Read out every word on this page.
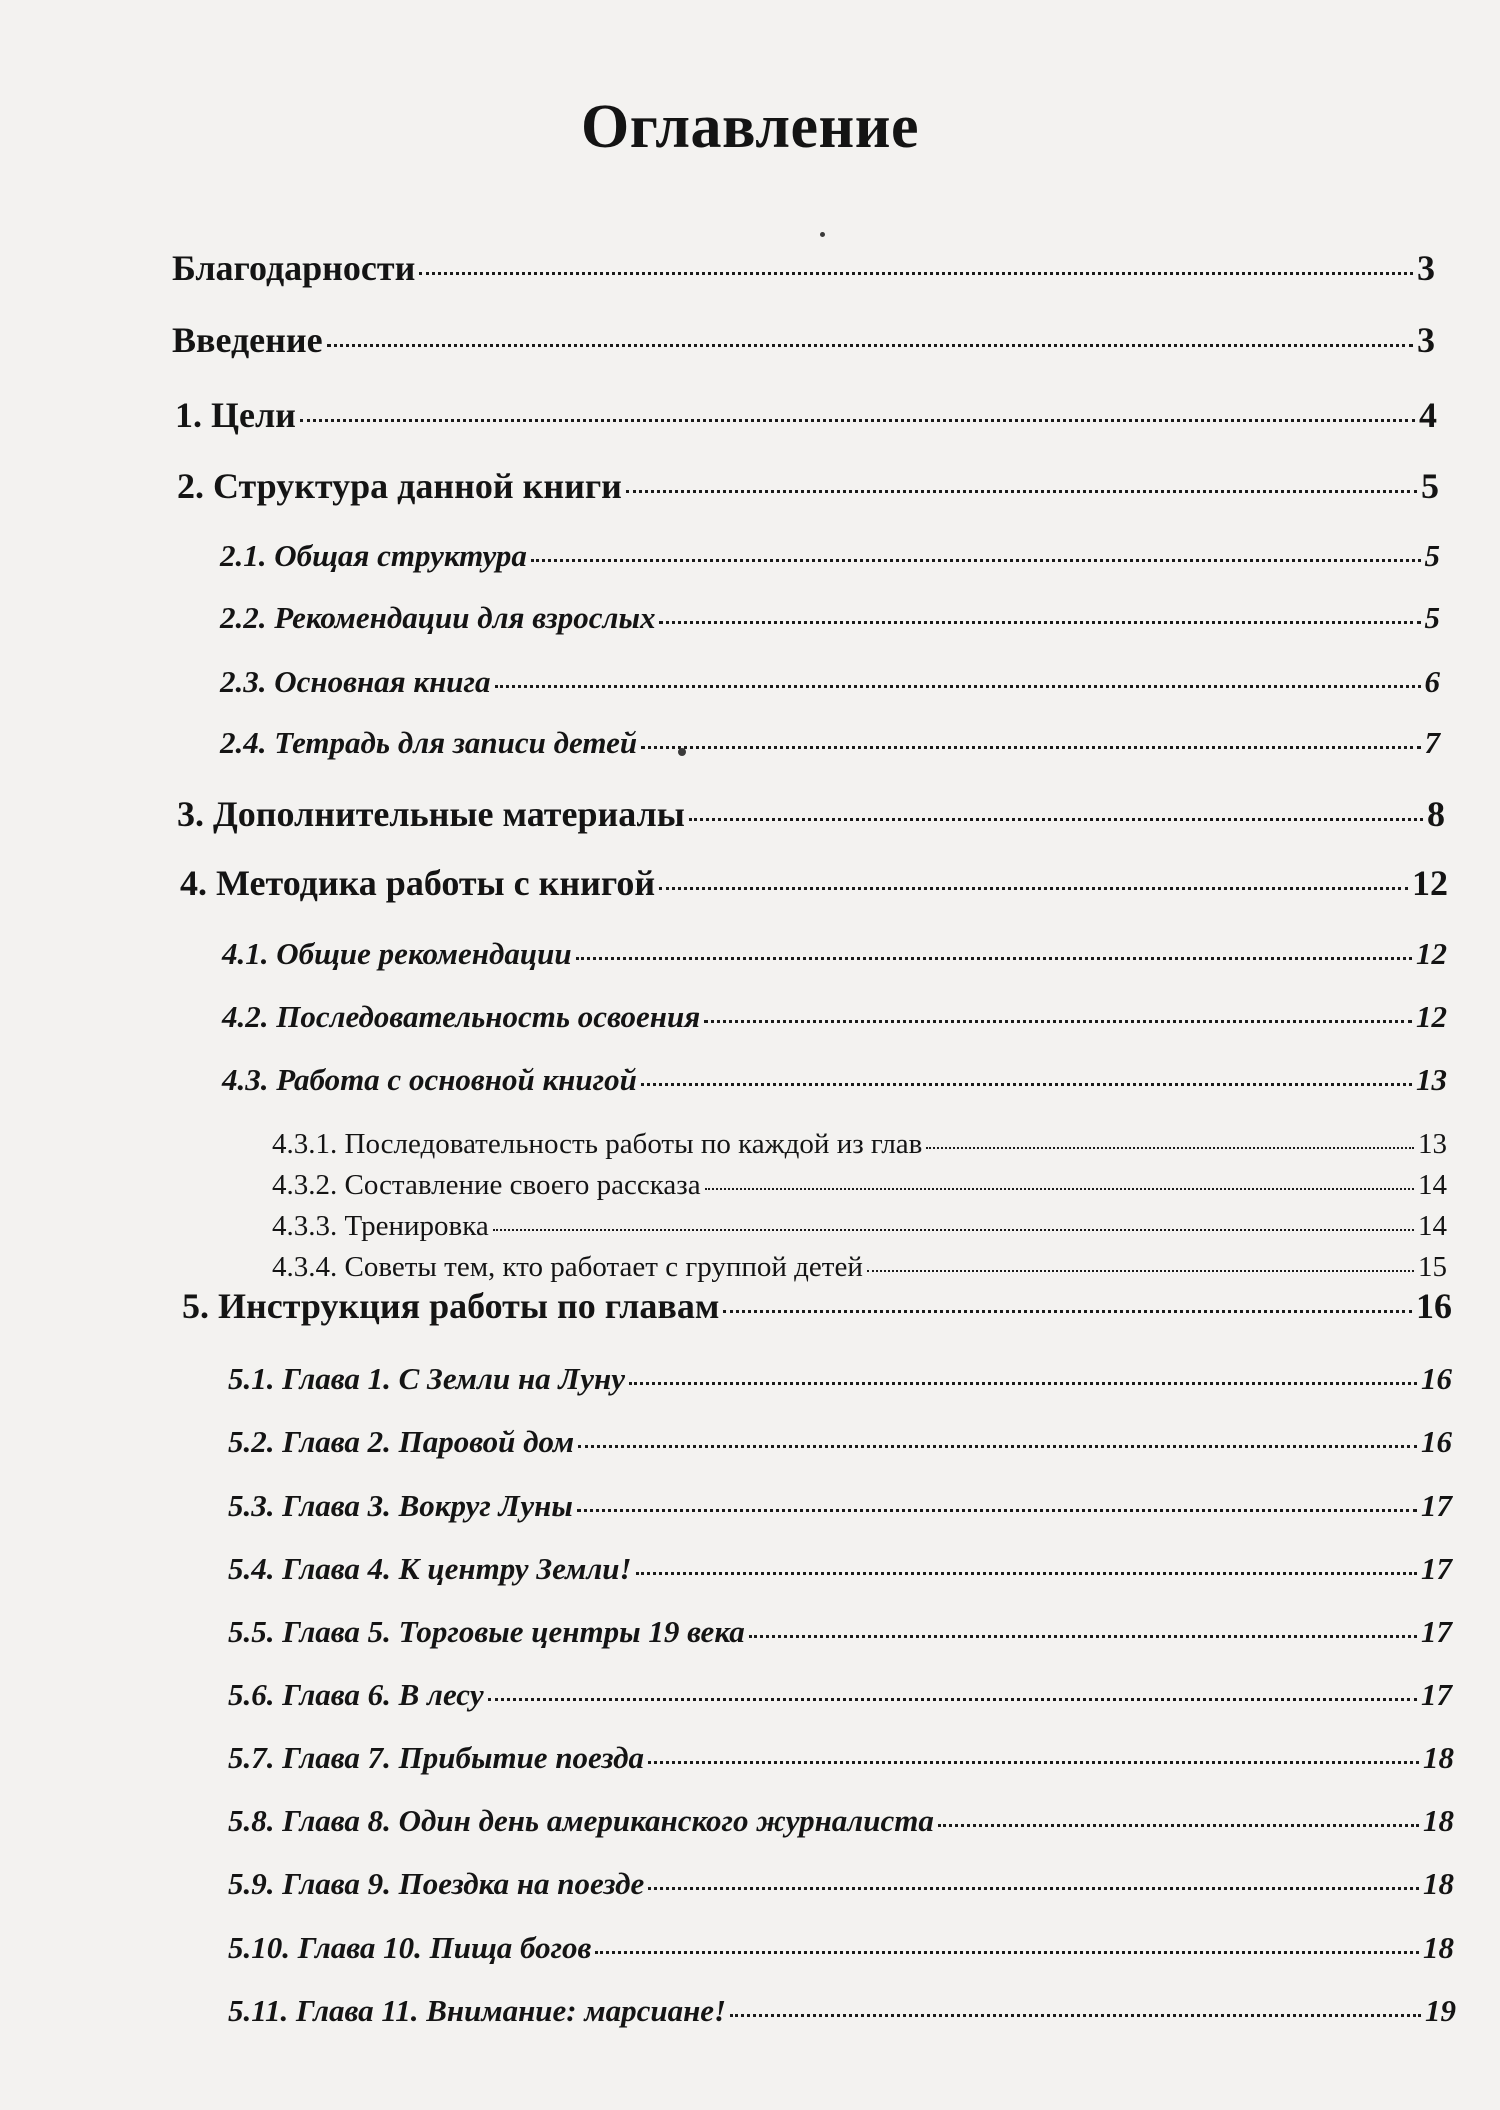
Оглавление
Благодарности	3
Введение	3
1. Цели	4
2. Структура данной книги	5
2.1. Общая структура	5
2.2. Рекомендации для взрослых	5
2.3. Основная книга	6
2.4. Тетрадь для записи детей	7
3. Дополнительные материалы	8
4. Методика работы с книгой	12
4.1. Общие рекомендации	12
4.2. Последовательность освоения	12
4.3. Работа с основной книгой	13
4.3.1. Последовательность работы по каждой из глав	13
4.3.2. Составление своего рассказа	14
4.3.3. Тренировка	14
4.3.4. Советы тем, кто работает с группой детей	15
5. Инструкция работы по главам	16
5.1. Глава 1. С Земли на Луну	16
5.2. Глава 2. Паровой дом	16
5.3. Глава 3. Вокруг Луны	17
5.4. Глава 4. К центру Земли!	17
5.5. Глава 5. Торговые центры 19 века	17
5.6. Глава 6. В лесу	17
5.7. Глава 7. Прибытие поезда	18
5.8. Глава 8. Один день американского журналиста	18
5.9. Глава 9. Поездка на поезде	18
5.10. Глава 10. Пища богов	18
5.11. Глава 11. Внимание: марсиане!	19
